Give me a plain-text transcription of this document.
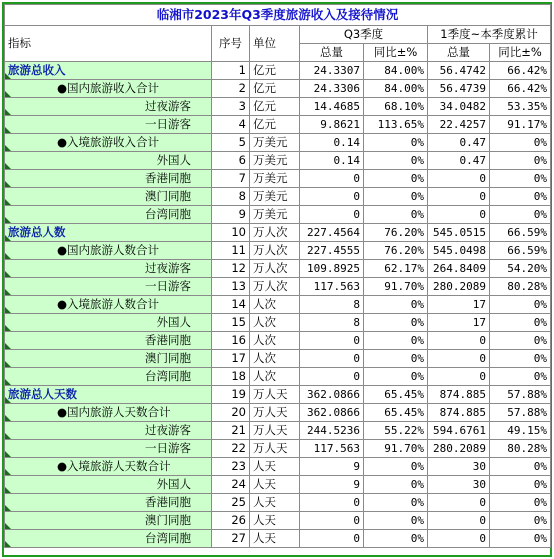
临湘市2023年Q3季度旅游收入及接待情况						
指标	序号	单位	Q3季度		1季度~本季度累计	
			总量	同比±%	总量	同比±%
旅游总收入	1	亿元	24.3307	84.00%	56.4742	66.42%
●国内旅游收入合计	2	亿元	24.3306	84.00%	56.4739	66.42%
过夜游客	3	亿元	14.4685	68.10%	34.0482	53.35%
一日游客	4	亿元	9.8621	113.65%	22.4257	91.17%
●入境旅游收入合计	5	万美元	0.14	0%	0.47	0%
外国人	6	万美元	0.14	0%	0.47	0%
香港同胞	7	万美元	0	0%	0	0%
澳门同胞	8	万美元	0	0%	0	0%
台湾同胞	9	万美元	0	0%	0	0%
旅游总人数	10	万人次	227.4564	76.20%	545.0515	66.59%
●国内旅游人数合计	11	万人次	227.4555	76.20%	545.0498	66.59%
过夜游客	12	万人次	109.8925	62.17%	264.8409	54.20%
一日游客	13	万人次	117.563	91.70%	280.2089	80.28%
●入境旅游人数合计	14	人次	8	0%	17	0%
外国人	15	人次	8	0%	17	0%
香港同胞	16	人次	0	0%	0	0%
澳门同胞	17	人次	0	0%	0	0%
台湾同胞	18	人次	0	0%	0	0%
旅游总人天数	19	万人天	362.0866	65.45%	874.885	57.88%
●国内旅游人天数合计	20	万人天	362.0866	65.45%	874.885	57.88%
过夜游客	21	万人天	244.5236	55.22%	594.6761	49.15%
一日游客	22	万人天	117.563	91.70%	280.2089	80.28%
●入境旅游人天数合计	23	人天	9	0%	30	0%
外国人	24	人天	9	0%	30	0%
香港同胞	25	人天	0	0%	0	0%
澳门同胞	26	人天	0	0%	0	0%
台湾同胞	27	人天	0	0%	0	0%
